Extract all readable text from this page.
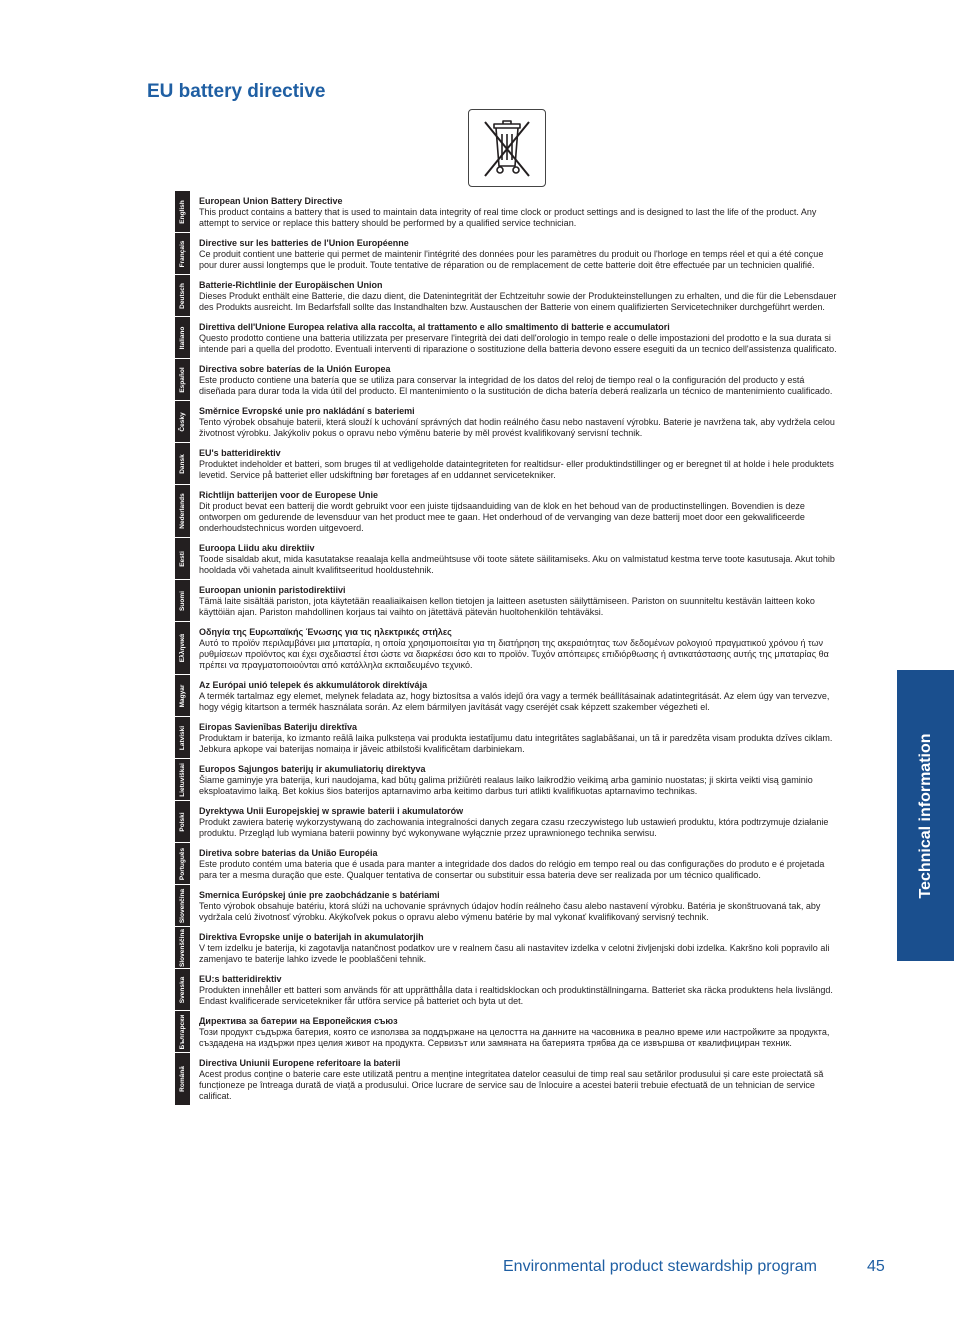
EU battery directive
English European Union Battery Directive

This product contains a battery that is used to maintain data integrity of real time clock or product settings and is designed to last the life of the product. Any attempt to service or replace this battery should be performed by a qualified service technician.

Français Directive sur les batteries de l'Union Européenne

Ce produit contient une batterie qui permet de maintenir l'intégrité des données pour les paramètres du produit ou l'horloge en temps réel et qui a été conçue pour durer aussi longtemps que le produit. Toute tentative de réparation ou de remplacement de cette batterie doit être effectuée par un technicien qualifié.

Deutsch Batterie-Richtlinie der Europäischen Union

Dieses Produkt enthält eine Batterie, die dazu dient, die Datenintegrität der Echtzeituhr sowie der Produkteinstellungen zu erhalten, und die für die Lebensdauer des Produkts ausreicht. Im Bedarfsfall sollte das Instandhalten bzw. Austauschen der Batterie von einem qualifizierten Servicetechniker durchgeführt werden.

Italiano Direttiva dell'Unione Europea relativa alla raccolta, al trattamento e allo smaltimento di batterie e accumulatori

Questo prodotto contiene una batteria utilizzata per preservare l'integrità dei dati dell'orologio in tempo reale o delle impostazioni del prodotto e la sua durata si intende pari a quella del prodotto. Eventuali interventi di riparazione o sostituzione della batteria devono essere eseguiti da un tecnico dell'assistenza qualificato.

Español Directiva sobre baterías de la Unión Europea

Este producto contiene una batería que se utiliza para conservar la integridad de los datos del reloj de tiempo real o la configuración del producto y está diseñada para durar toda la vida útil del producto. El mantenimiento o la sustitución de dicha batería deberá realizarla un técnico de mantenimiento cualificado.

Česky
Směrnice Evropské unie pro nakládání s bateriemi

Tento výrobek obsahuje baterii, která slouží k uchování správných dat hodin reálného času nebo nastavení výrobku. Baterie je navržena tak, aby vydržela celou životnost výrobku. Jakýkoliv pokus o opravu nebo výměnu baterie by měl provést kvalifikovaný servisní technik.

Dansk
EU's batteridirektiv

Produktet indeholder et batteri, som bruges til at vedligeholde dataintegriteten for realtidsur- eller produktindstillinger og er beregnet til at holde i hele produktets levetid. Service på batteriet eller udskiftning bør foretages af en uddannet servicetekniker.

Nederlands Richtlijn batterijen voor de Europese Unie

Dit product bevat een batterij die wordt gebruikt voor een juiste tijdsaanduiding van de klok en het behoud van de productinstellingen. Bovendien is deze ontworpen om gedurende de levensduur van het product mee te gaan. Het onderhoud of de vervanging van deze batterij moet door een gekwalificeerde onderhoudstechnicus worden uitgevoerd.

Eesti
Euroopa Liidu aku direktiiv

Toode sisaldab akut, mida kasutatakse reaalaja kella andmeühtsuse või toote sätete säilitamiseks. Aku on valmistatud kestma terve toote kasutusaja. Akut tohib hooldada või vahetada ainult kvalifitseeritud hooldustehnik.

Suomi
Euroopan unionin paristodirektiivi

Tämä laite sisältää pariston, jota käytetään reaaliaikaisen kellon tietojen ja laitteen asetusten säilyttämiseen. Pariston on suunniteltu kestävän laitteen koko käyttöiän ajan. Pariston mahdollinen korjaus tai vaihto on jätettävä pätevän huoltohenkilön tehtäväksi.

Ελληνικά
Οδηγία της Ευρωπαϊκής Ένωσης για τις ηλεκτρικές στήλες

Αυτό το προϊόν περιλαμβάνει μια μπαταρία, η οποία χρησιμοποιείται για τη διατήρηση της ακεραιότητας των δεδομένων ρολογιού πραγματικού χρόνου ή των ρυθμίσεων προϊόντος και έχει σχεδιαστεί έτσι ώστε να διαρκέσει όσο και το προϊόν. Τυχόν απόπειρες επιδιόρθωσης ή αντικατάστασης αυτής της μπαταρίας θα πρέπει να πραγματοποιούνται από κατάλληλα εκπαιδευμένο τεχνικό.

Magyar Az Európai unió telepek és akkumulátorok direktívája

A termék tartalmaz egy elemet, melynek feladata az, hogy biztosítsa a valós idejű óra vagy a termék beállításainak adatintegritását. Az elem úgy van tervezve, hogy végig kitartson a termék használata során. Az elem bármilyen javítását vagy cseréjét csak képzett szakember végezheti el.

Latviski Eiropas Savienības Bateriju direktīva

Produktam ir baterija, ko izmanto reālā laika pulksteņa vai produkta iestatījumu datu integritātes saglabāšanai, un tā ir paredzēta visam produkta dzīves ciklam. Jebkura apkope vai baterijas nomaiņa ir jāveic atbilstoši kvalificētam darbiniekam.

Lietuviškai Europos Sąjungos baterijų ir akumuliatorių direktyva

Šiame gaminyje yra baterija, kuri naudojama, kad būtų galima prižiūrėti realaus laiko laikrodžio veikimą arba gaminio nuostatas; ji skirta veikti visą gaminio eksploatavimo laiką. Bet kokius šios baterijos aptarnavimo arba keitimo darbus turi atlikti kvalifikuotas aptarnavimo technikas.

Polski
Dyrektywa Unii Europejskiej w sprawie baterii i akumulatorów

Produkt zawiera baterię wykorzystywaną do zachowania integralności danych zegara czasu rzeczywistego lub ustawień produktu, która podtrzymuje działanie produktu. Przegląd lub wymiana baterii powinny być wykonywane wyłącznie przez uprawnionego technika serwisu.

Português Diretiva sobre baterias da União Européia

Este produto contém uma bateria que é usada para manter a integridade dos dados do relógio em tempo real ou das configurações do produto e é projetada para ter a mesma duração que este. Qualquer tentativa de consertar ou substituir essa bateria deve ser realizada por um técnico qualificado.

Slovenčina Smernica Európskej únie pre zaobchádzanie s batériami

Tento výrobok obsahuje batériu, ktorá slúži na uchovanie správnych údajov hodín reálneho času alebo nastavení výrobku. Batéria je skonštruovaná tak, aby vydržala celú životnosť výrobku. Akýkoľvek pokus o opravu alebo výmenu batérie by mal vykonať kvalifikovaný servisný technik.

Slovenščina Direktiva Evropske unije o baterijah in akumulatorjih

V tem izdelku je baterija, ki zagotavlja natančnost podatkov ure v realnem času ali nastavitev izdelka v celotni življenjski dobi izdelka. Kakršno koli popravilo ali zamenjavo te baterije lahko izvede le pooblaščeni tehnik.

Svenska EU:s batteridirektiv

Produkten innehåller ett batteri som används för att upprätthålla data i realtidsklockan och produktinställningarna. Batteriet ska räcka produktens hela livslängd. Endast kvalificerade servicetekniker får utföra service på batteriet och byta ut det.

Български Директива за батерии на Европейския съюз

Този продукт съдържа батерия, която се използва за поддържане на целостта на данните на часовника в реално време или настройките за продукта, създадена на издържи през целия живот на продукта. Сервизът или замяната на батерията трябва да се извършва от квалифициран техник.

Română
Directiva Uniunii Europene referitoare la baterii

Acest produs conține o baterie care este utilizată pentru a menține integritatea datelor ceasului de timp real sau setărilor produsului și care este proiectată să funcționeze pe întreaga durată de viață a produsului. Orice lucrare de service sau de înlocuire a acestei baterii trebuie efectuată de un tehnician de service calificat.

Technical information
Environmental product stewardship program	45
